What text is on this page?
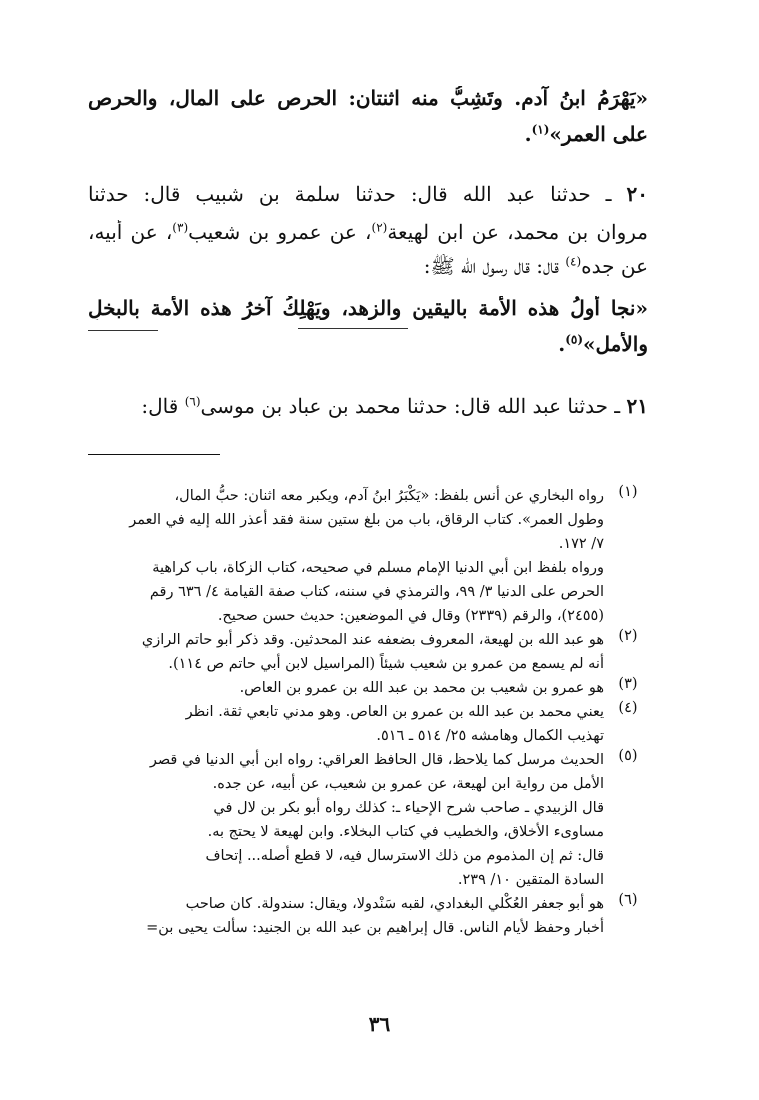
«يَهْرَمُ ابنُ آدم. وتَشِبُّ منه اثنتان: الحرص على المال، والحرص
على العمر»$^{(١)}$.
٢٠ ـ حدثنا عبد الله قال: حدثنا سلمة بن شبيب قال: حدثنا
مروان بن محمد، عن ابن لهيعة$^{(٢)}$، عن عمرو بن شعيب$^{(٣)}$، عن أبيه،
عن جده$^{(٤)}$ قال: قال رسول الله ﷺ:
«نجا أولُ هذه الأمة باليقين والزهد، ويَهْلِكُ آخرُ هذه الأمة بالبخلِ
والأمل»$^{(٥)}$.
٢١ ـ حدثنا عبد الله قال: حدثنا محمد بن عباد بن موسى$^{(٦)}$ قال:
(١)
رواه البخاري عن أنس بلفظ: «يَكْبَرُ ابنُ آدم، ويكبر معه اثنان: حبُّ المال،
وطول العمر». كتاب الرقاق، باب من بلغ ستين سنة فقد أعذر الله إليه في العمر
٧/ ١٧٢.
ورواه بلفظ ابن أبي الدنيا الإمام مسلم في صحيحه، كتاب الزكاة، باب كراهية
الحرص على الدنيا ٣/ ٩٩، والترمذي في سننه، كتاب صفة القيامة ٤/ ٦٣٦ رقم
(٢٤٥٥)، والرقم (٢٣٣٩) وقال في الموضعين: حديث حسن صحيح.
(٢)
هو عبد الله بن لهيعة، المعروف بضعفه عند المحدثين. وقد ذكر أبو حاتم الرازي
أنه لم يسمع من عمرو بن شعيب شيئاً (المراسيل لابن أبي حاتم ص ١١٤).
(٣)
هو عمرو بن شعيب بن محمد بن عبد الله بن عمرو بن العاص.
(٤)
يعني محمد بن عبد الله بن عمرو بن العاص. وهو مدني تابعي ثقة. انظر
تهذيب الكمال وهامشه ٢٥/ ٥١٤ ـ ٥١٦.
(٥)
الحديث مرسل كما يلاحظ، قال الحافظ العراقي: رواه ابن أبي الدنيا في قصر
الأمل من رواية ابن لهيعة، عن عمرو بن شعيب، عن أبيه، عن جده.
قال الزبيدي ـ صاحب شرح الإحياء ـ: كذلك رواه أبو بكر بن لال في
مساوىء الأخلاق، والخطيب في كتاب البخلاء. وابن لهيعة لا يحتج به.
قال: ثم إن المذموم من ذلك الاسترسال فيه، لا قطع أصله... إتحاف
السادة المتقين ١٠/ ٢٣٩.
(٦)
هو أبو جعفر العُكْلي البغدادي، لقبه سَنْدولا، ويقال: سندولة. كان صاحب
أخبار وحفظ لأيام الناس. قال إبراهيم بن عبد الله بن الجنيد: سألت يحيى بن=
٣٦
